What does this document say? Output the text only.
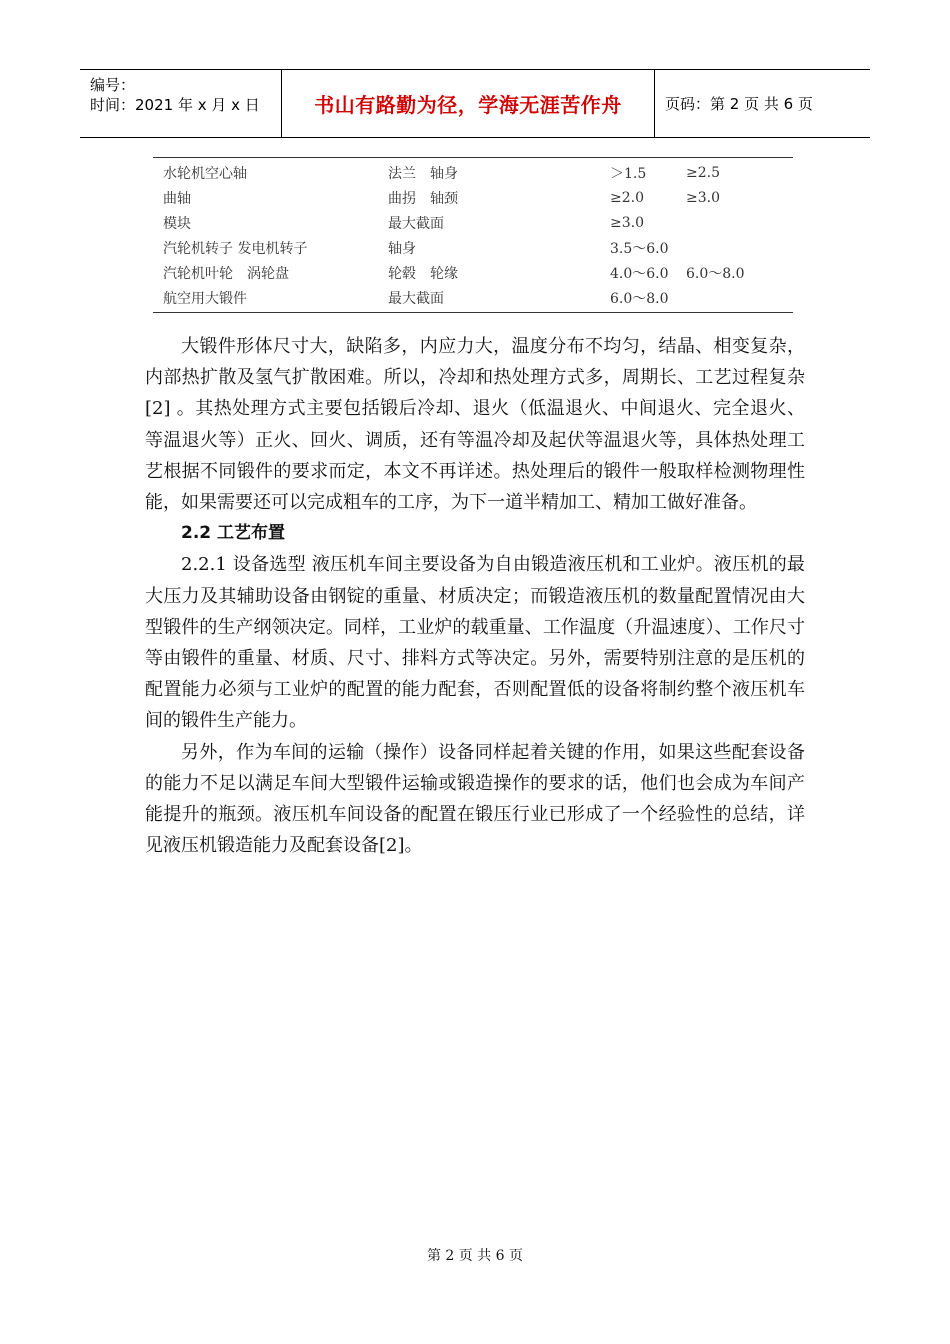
编号：
时间：2021 年 x 月 x 日	书山有路勤为径，学海无涯苦作舟	页码：第 2 页 共 6 页
水轮机空心轴	法兰　轴身	＞1.5	≥2.5
曲轴	曲拐　轴颈	≥2.0	≥3.0
模块	最大截面	≥3.0
汽轮机转子 发电机转子	轴身	3.5～6.0
汽轮机叶轮　涡轮盘	轮毂　轮缘	4.0～6.0	6.0～8.0
航空用大锻件	最大截面	6.0～8.0

大锻件形体尺寸大，缺陷多，内应力大，温度分布不均匀，结晶、相变复杂，内部热扩散及氢气扩散困难。所以，冷却和热处理方式多，周期长、工艺过程复杂[2] 。其热处理方式主要包括锻后冷却、退火（低温退火、中间退火、完全退火、等温退火等）正火、回火、调质，还有等温冷却及起伏等温退火等，具体热处理工艺根据不同锻件的要求而定，本文不再详述。热处理后的锻件一般取样检测物理性能，如果需要还可以完成粗车的工序，为下一道半精加工、精加工做好准备。

2.2 工艺布置

2.2.1 设备选型 液压机车间主要设备为自由锻造液压机和工业炉。液压机的最大压力及其辅助设备由钢锭的重量、材质决定；而锻造液压机的数量配置情况由大型锻件的生产纲领决定。同样，工业炉的载重量、工作温度（升温速度）、工作尺寸等由锻件的重量、材质、尺寸、排料方式等决定。另外，需要特别注意的是压机的配置能力必须与工业炉的配置的能力配套，否则配置低的设备将制约整个液压机车间的锻件生产能力。

另外，作为车间的运输（操作）设备同样起着关键的作用，如果这些配套设备的能力不足以满足车间大型锻件运输或锻造操作的要求的话，他们也会成为车间产能提升的瓶颈。液压机车间设备的配置在锻压行业已形成了一个经验性的总结，详见液压机锻造能力及配套设备[2]。

第 2 页 共 6 页
